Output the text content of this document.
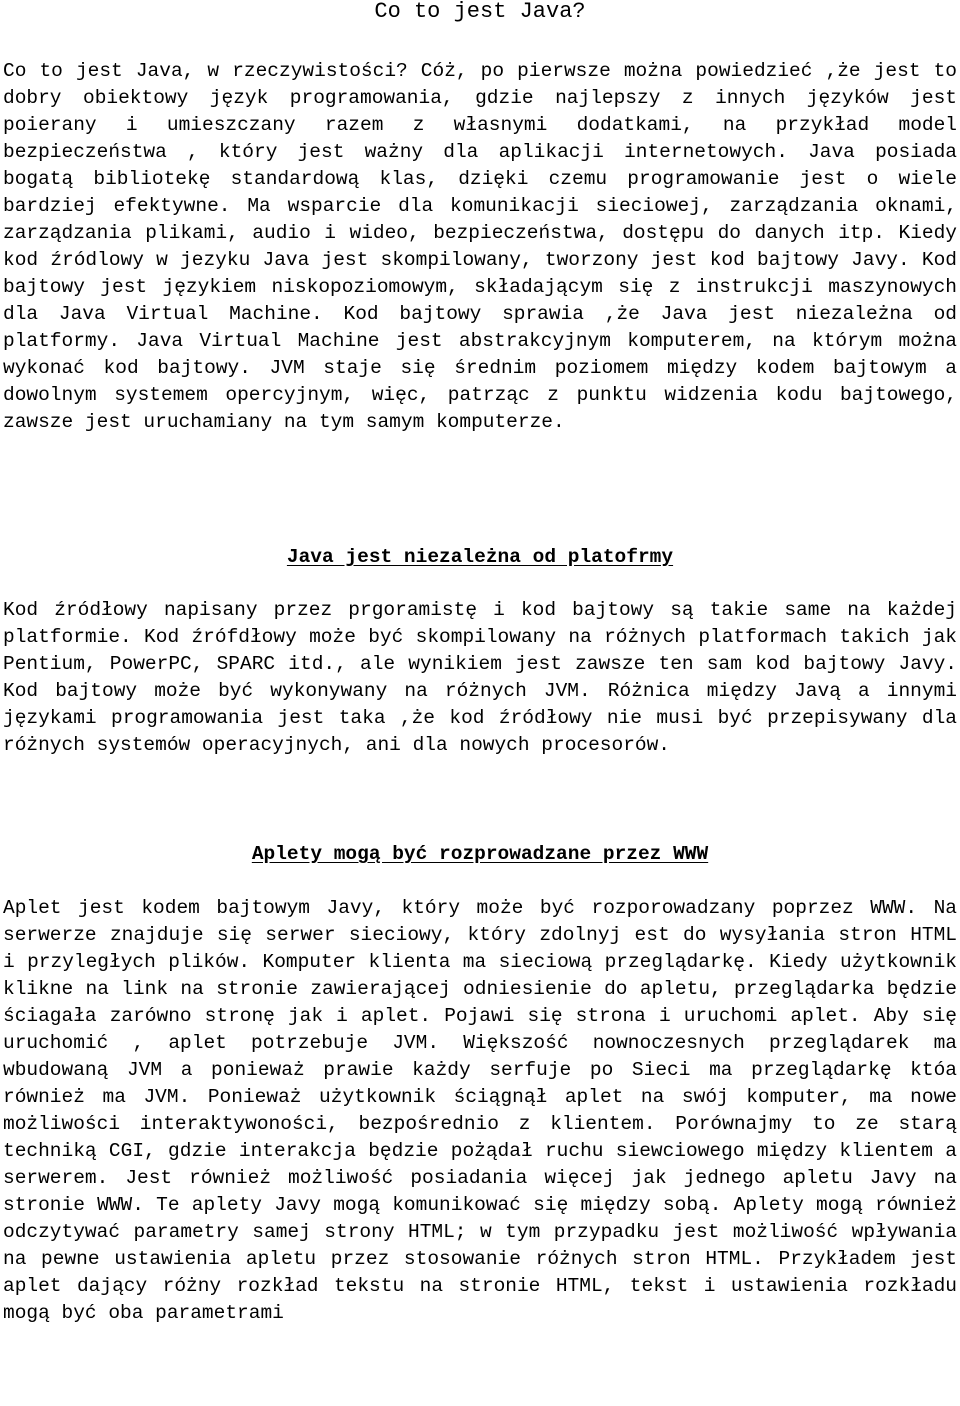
Co to jest Java?

Co to jest Java, w rzeczywistości? Cóż, po pierwsze można powiedzieć ,że jest to dobry obiektowy język programowania, gdzie najlepszy z innych języków jest poierany i umieszczany razem z własnymi dodatkami, na przykład model bezpieczeństwa , który jest ważny dla aplikacji internetowych. Java posiada bogatą bibliotekę standardową klas, dzięki czemu programowanie jest o wiele bardziej efektywne. Ma wsparcie dla komunikacji sieciowej, zarządzania oknami, zarządzania plikami, audio i wideo, bezpieczeństwa, dostępu do danych itp. Kiedy kod źródlowy w jezyku Java jest skompilowany, tworzony jest kod bajtowy Javy. Kod bajtowy jest językiem niskopoziomowym, składającym się z instrukcji maszynowych dla Java Virtual Machine. Kod bajtowy sprawia ,że Java jest niezależna od platformy. Java Virtual Machine jest abstrakcyjnym komputerem, na którym można wykonać kod bajtowy. JVM staje się średnim poziomem między kodem bajtowym a dowolnym systemem opercyjnym, więc, patrząc z punktu widzenia kodu bajtowego, zawsze jest uruchamiany na tym samym komputerze.

Java jest niezależna od platofrmy

Kod źródłowy napisany przez prgoramistę i kod bajtowy są takie same na każdej platformie. Kod źrófdłowy może być skompilowany na różnych platformach takich jak Pentium, PowerPC, SPARC itd., ale wynikiem jest zawsze ten sam kod bajtowy Javy. Kod bajtowy może być wykonywany na różnych JVM. Różnica między Javą a innymi językami programowania jest taka ,że kod źródłowy nie musi być przepisywany dla różnych systemów operacyjnych, ani dla nowych procesorów.

Aplety mogą być rozprowadzane przez WWW

Aplet jest kodem bajtowym Javy, który może być rozporowadzany poprzez WWW. Na serwerze znajduje się serwer sieciowy, który zdolnyj est do wysyłania stron HTML i przyległych plików. Komputer klienta ma sieciową przeglądarkę. Kiedy użytkownik klikne na link na stronie zawierającej odniesienie do apletu, przeglądarka będzie ściagała zarówno stronę jak i aplet. Pojawi się strona i uruchomi aplet. Aby się uruchomić , aplet potrzebuje JVM. Większość nownoczesnych przeglądarek ma wbudowaną JVM a ponieważ prawie każdy serfuje po Sieci ma przeglądarkę któa również ma JVM. Ponieważ użytkownik ściągnął aplet na swój komputer, ma nowe możliwości interaktywoności, bezpośrednio z klientem. Porównajmy to ze starą techniką CGI, gdzie interakcja będzie pożądał ruchu siewciowego między klientem a serwerem. Jest również możliwość posiadania więcej jak jednego apletu Javy na stronie WWW. Te aplety Javy mogą komunikować się między sobą. Aplety mogą również odczytywać parametry samej strony HTML; w tym przypadku jest możliwość wpływania na pewne ustawienia apletu przez stosowanie różnych stron HTML. Przykładem jest aplet dający różny rozkład tekstu na stronie HTML, tekst i ustawienia rozkładu mogą być oba parametrami
